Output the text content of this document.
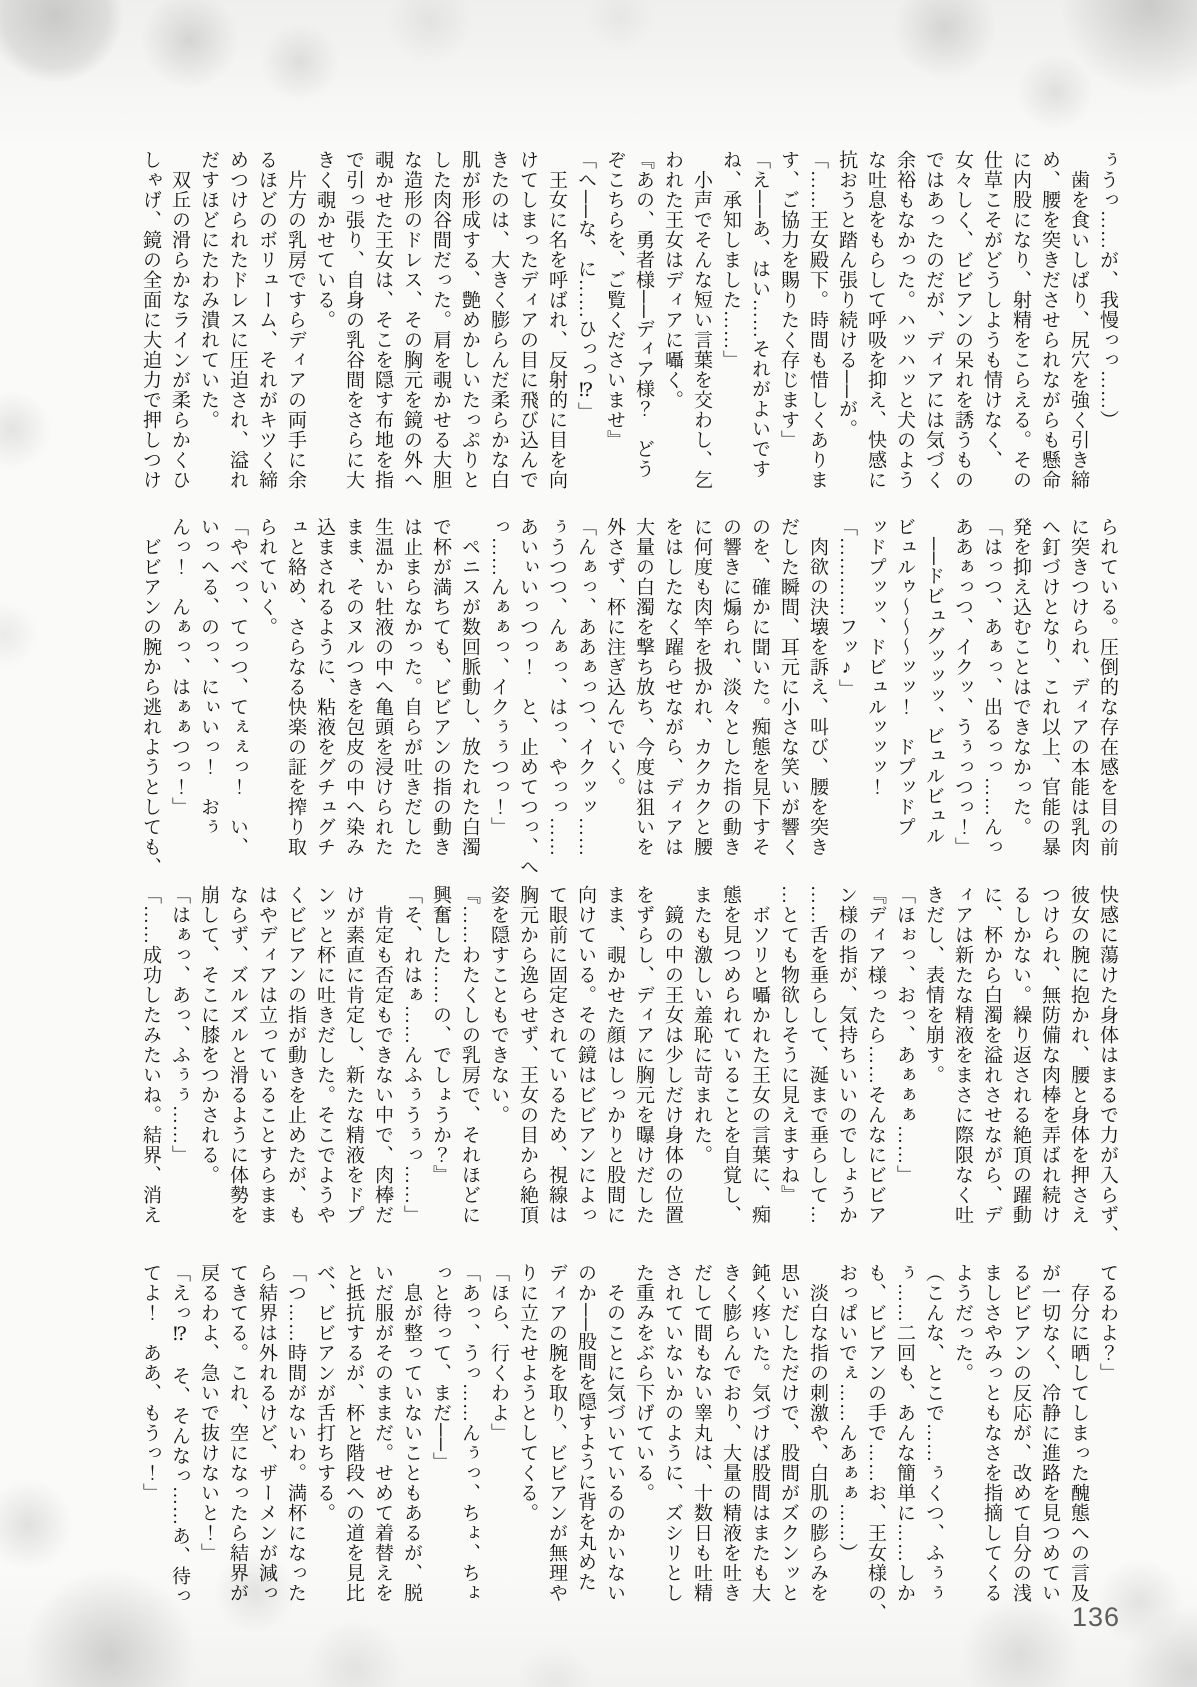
ぅうっ……が、我慢っっ……）
　歯を食いしばり、尻穴を強く引き締
め、腰を突きださせられながらも懸命
に内股になり、射精をこらえる。その
仕草こそがどうしようも情けなく、
女々しく、ビビアンの呆れを誘うもの
ではあったのだが、ディアには気づく
余裕もなかった。ハッハッと犬のよう
な吐息をもらして呼吸を抑え、快感に
抗おうと踏ん張り続ける──が。
「……王女殿下。時間も惜しくありま
す、ご協力を賜りたく存じます」
「え──あ、はい……それがよいです
ね、承知しました……」
　小声でそんな短い言葉を交わし、乞
われた王女はディアに囁く。
『あの、勇者様──ディア様？　どう
ぞこちらを、ご覧くださいませ』
「へ──な、に……ひっっ⁉」
　王女に名を呼ばれ、反射的に目を向
けてしまったディアの目に飛び込んで
きたのは、大きく膨らんだ柔らかな白
肌が形成する、艶めかしいたっぷりと
した肉谷間だった。肩を覗かせる大胆
な造形のドレス、その胸元を鏡の外へ
覗かせた王女は、そこを隠す布地を指
で引っ張り、自身の乳谷間をさらに大
きく覗かせている。
　片方の乳房ですらディアの両手に余
るほどのボリューム、それがキツく締
めつけられたドレスに圧迫され、溢れ
だすほどにたわみ潰れていた。
　双丘の滑らかなラインが柔らかくひ
しゃげ、鏡の全面に大迫力で押しつけ
られている。圧倒的な存在感を目の前
に突きつけられ、ディアの本能は乳肉
へ釘づけとなり、これ以上、官能の暴
発を抑え込むことはできなかった。
「はっつ、あぁっ、出るっっ……んっ
ああぁっつ、イクッ、うぅっつっ！」
　──ドビュグッッッ、ビュルビュル
ビュルゥ～～～ッッ！　ドプッドプ
ッドプッッ、ドビュルッッッ！
「…………フッ♪」
　肉欲の決壊を訴え、叫び、腰を突き
だした瞬間、耳元に小さな笑いが響く
のを、確かに聞いた。痴態を見下すそ
の響きに煽られ、淡々とした指の動き
に何度も肉竿を扱かれ、カクカクと腰
をはしたなく躍らせながら、ディアは
大量の白濁を撃ち放ち、今度は狙いを
外さず、杯に注ぎ込んでいく。
「んぁっ、ああぁっつ、イクッッ……
ぅうつつ、んぁっ、はっ、やっっ……
あいぃいっつっ！　と、止めてつっ、へ
っ……んぁぁっ、イクぅぅつっ！」
　ペニスが数回脈動し、放たれた白濁
で杯が満ちても、ビビアンの指の動き
は止まらなかった。自らが吐きだした
生温かい牡液の中へ亀頭を浸けられた
まま、そのヌルつきを包皮の中へ染み
込まされるように、粘液をグチュグチ
ュと絡め、さらなる快楽の証を搾り取
られていく。
「やべっ、てっつ、てぇぇっ！　い、
いっへる、のっ、にぃいっ！　おぅ
んっ！　んぁっ、はぁぁつっ！」
　ビビアンの腕から逃れようとしても、
快感に蕩けた身体はまるで力が入らず、
彼女の腕に抱かれ、腰と身体を押さえ
つけられ、無防備な肉棒を弄ばれ続け
るしかない。繰り返される絶頂の躍動
に、杯から白濁を溢れさせながら、デ
ィアは新たな精液をまさに際限なく吐
きだし、表情を崩す。
「ほぉっ、おっ、あぁぁぁ……」
『ディア様ったら……そんなにビビア
ン様の指が、気持ちいいのでしょうか
……舌を垂らして、涎まで垂らして…
…とても物欲しそうに見えますね』
　ボソリと囁かれた王女の言葉に、痴
態を見つめられていることを自覚し、
またも激しい羞恥に苛まれた。
　鏡の中の王女は少しだけ身体の位置
をずらし、ディアに胸元を曝けだした
まま、覗かせた顔はしっかりと股間に
向けている。その鏡はビビアンによっ
て眼前に固定されているため、視線は
胸元から逸らせず、王女の目から絶頂
姿を隠すこともできない。
『……わたくしの乳房で、それほどに
興奮した……の、でしょうか？』
「そ、れはぁ……んふぅうぅっ……」
　肯定も否定もできない中で、肉棒だ
けが素直に肯定し、新たな精液をドプ
ンッと杯に吐きだした。そこでようや
くビビアンの指が動きを止めたが、も
はやディアは立っていることすらまま
ならず、ズルズルと滑るように体勢を
崩して、そこに膝をつかされる。
「はぁっ、あっ、ふぅぅ……」
「……成功したみたいね。結界、消え
てるわよ？」
　存分に晒してしまった醜態への言及
が一切なく、冷静に進路を見つめてい
るビビアンの反応が、改めて自分の浅
ましさやみっともなさを指摘してくる
ようだった。
（こんな、とこで……ぅくつ、ふぅぅ
ぅ……二回も、あんな簡単に……しか
も、ビビアンの手で……お、王女様の、
おっぱいでぇ……んあぁぁ……）
　淡白な指の刺激や、白肌の膨らみを
思いだしただけで、股間がズクンッと
鈍く疼いた。気づけば股間はまたも大
きく膨らんでおり、大量の精液を吐き
だして間もない睾丸は、十数日も吐精
されていないかのように、ズシリとし
た重みをぶら下げている。
　そのことに気づいているのかいない
のか──股間を隠すように背を丸めた
ディアの腕を取り、ビビアンが無理や
りに立たせようとしてくる。
「ほら、行くわよ」
「あっ、うっ……んぅっ、ちょ、ちょ
っと待って、まだ──」
　息が整っていないこともあるが、脱
いだ服がそのままだ。せめて着替えを
と抵抗するが、杯と階段への道を見比
べ、ビビアンが舌打ちする。
「つ……時間がないわ。満杯になった
ら結界は外れるけど、ザーメンが減っ
てきてる。これ、空になったら結界が
戻るわよ、急いで抜けないと！」
「えっ⁉　そ、そんなっ……あ、待っ
てよ！　ああ、もうっ！」
136
